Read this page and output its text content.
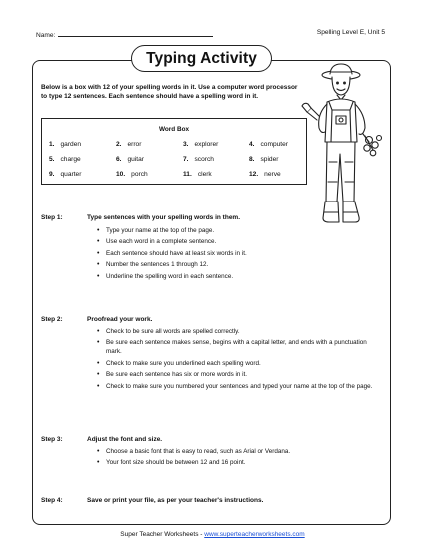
Name:	Spelling Level E, Unit 5
Typing Activity
Below is a box with 12 of your spelling words in it. Use a computer word processor to type 12 sentences. Each sentence should have a spelling word in it.
Word Box
1. garden	2. error	3. explorer	4. computer
5. charge	6. guitar	7. scorch	8. spider
9. quarter	10. porch	11. clerk	12. nerve
Step 1:	Type sentences with your spelling words in them.
• Type your name at the top of the page.
• Use each word in a complete sentence.
• Each sentence should have at least six words in it.
• Number the sentences 1 through 12.
• Underline the spelling word in each sentence.
Step 2:	Proofread your work.
• Check to be sure all words are spelled correctly.
• Be sure each sentence makes sense, begins with a capital letter, and ends with a punctuation mark.
• Check to make sure you underlined each spelling word.
• Be sure each sentence has six or more words in it.
• Check to make sure you numbered your sentences and typed your name at the top of the page.
Step 3:	Adjust the font and size.
• Choose a basic font that is easy to read, such as Arial or Verdana.
• Your font size should be between 12 and 16 point.
Step 4:	Save or print your file, as per your teacher's instructions.
Super Teacher Worksheets - www.superteacherworksheets.com
